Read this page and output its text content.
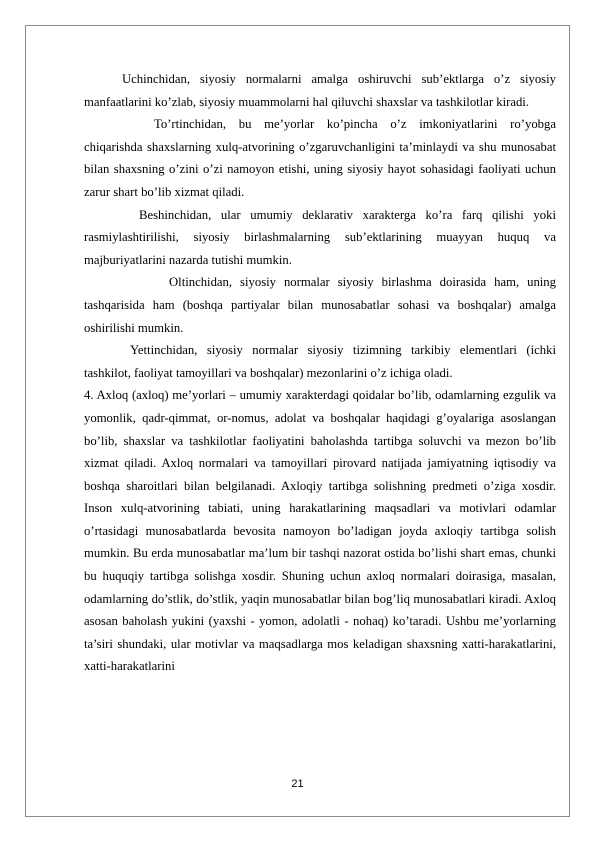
Uchinchidan, siyosiy normalarni amalga oshiruvchi sub’ektlarga o’z siyosiy manfaatlarini ko’zlab, siyosiy muammolarni hal qiluvchi shaxslar va tashkilotlar kiradi.

To’rtinchidan, bu me’yorlar ko’pincha o’z imkoniyatlarini ro’yobga chiqarishda shaxslarning xulq-atvorining o’zgaruvchanligini ta’minlaydi va shu munosabat bilan shaxsning o’zini o’zi namoyon etishi, uning siyosiy hayot sohasidagi faoliyati uchun zarur shart bo’lib xizmat qiladi.

Beshinchidan, ular umumiy deklarativ xarakterga ko’ra farq qilishi yoki rasmiylashtirilishi, siyosiy birlashmalarning sub’ektlarining muayyan huquq va majburiyatlarini nazarda tutishi mumkin.

Oltinchidan, siyosiy normalar siyosiy birlashma doirasida ham, uning tashqarisida ham (boshqa partiyalar bilan munosabatlar sohasi va boshqalar) amalga oshirilishi mumkin.

Yettinchidan, siyosiy normalar siyosiy tizimning tarkibiy elementlari (ichki tashkilot, faoliyat tamoyillari va boshqalar) mezonlarini o’z ichiga oladi.

4. Axloq (axloq) me’yorlari – umumiy xarakterdagi qoidalar bo’lib, odamlarning ezgulik va yomonlik, qadr-qimmat, or-nomus, adolat va boshqalar haqidagi g’oyalariga asoslangan bo’lib, shaxslar va tashkilotlar faoliyatini baholashda tartibga soluvchi va mezon bo’lib xizmat qiladi. Axloq normalari va tamoyillari pirovard natijada jamiyatning iqtisodiy va boshqa sharoitlari bilan belgilanadi. Axloqiy tartibga solishning predmeti o’ziga xosdir. Inson xulq-atvorining tabiati, uning harakatlarining maqsadlari va motivlari odamlar o’rtasidagi munosabatlarda bevosita namoyon bo’ladigan joyda axloqiy tartibga solish mumkin. Bu erda munosabatlar ma’lum bir tashqi nazorat ostida bo’lishi shart emas, chunki bu huquqiy tartibga solishga xosdir. Shuning uchun axloq normalari doirasiga, masalan, odamlarning do’stlik, do’stlik, yaqin munosabatlar bilan bog’liq munosabatlari kiradi. Axloq asosan baholash yukini (yaxshi - yomon, adolatli - nohaq) ko’taradi. Ushbu me’yorlarning ta’siri shundaki, ular motivlar va maqsadlarga mos keladigan shaxsning xatti-harakatlarini, xatti-harakatlarini

21
